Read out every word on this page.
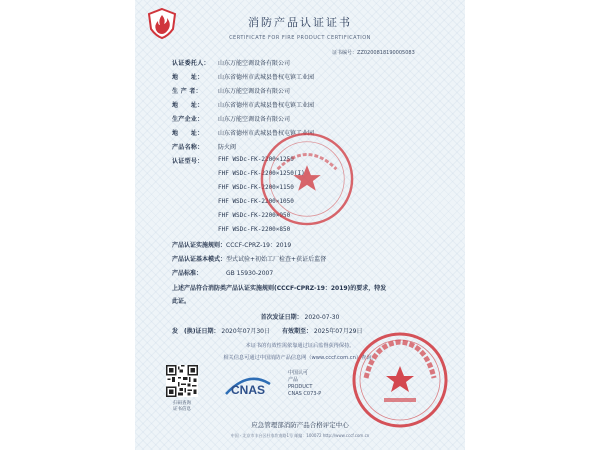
消防产品认证证书
CERTIFICATE FOR FIRE PRODUCT CERTIFICATION
证书编号：ZZ0200818190005083
认证委托人： 山东万能空调设备有限公司
地　　址： 山东省德州市武城县鲁权屯镇工业园
生 产 者：	山东万能空调设备有限公司
地　　址： 山东省德州市武城县鲁权屯镇工业园
生产企业： 山东万能空调设备有限公司
地　　址： 山东省德州市武城县鲁权屯镇工业园
产品名称： 防火阀
认证型号：	FHF WSDc-FK-2200×1250
FHF WSDc-FK-2200×1250(I)
FHF WSDc-FK-2200×1150
FHF WSDc-FK-2200×1050
FHF WSDc-FK-2200×950
FHF WSDc-FK-2200×850
产品认证实施规则：CCCF-CPRZ-19：2019
产品认证基本模式：型式试验+初始工厂检查+获证后监督
产品标准：	GB 15930-2007
上述产品符合消防类产品认证实施规则(CCCF-CPRZ-19：2019)的要求，特发
此证。
首次发证日期： 2020-07-30
发　(换)证日期： 2020年07月30日　　 有效期至： 2025年07月29日
本证书的有效性需依靠通过证后监督获得保持。
相关信息可通过中国消防产品信息网（www.cccf.com.cn）查询。
扫码查询
证书信息
CNAS
中国认可
产品
PRODUCT
CNAS C073-P
应急管理部消防产品合格评定中心
中国 · 北京市丰台区杜家坎南路1号 邮编：100072 http://www.cccf.com.cn
